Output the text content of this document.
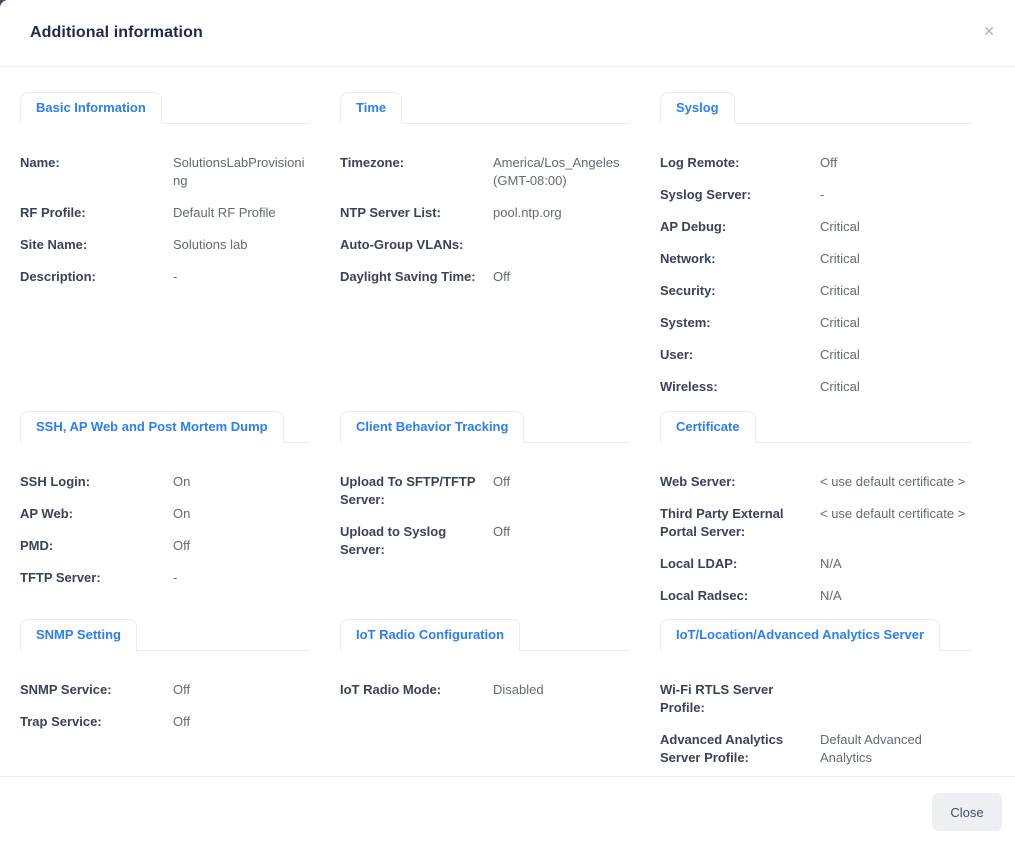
Additional information	✕
Basic Information
Name:	SolutionsLabProvisioning
RF Profile:	Default RF Profile
Site Name:	Solutions lab
Description:	-
Time
Timezone:	America/Los_Angeles (GMT-08:00)
NTP Server List:	pool.ntp.org
Auto-Group VLANs:
Daylight Saving Time:	Off
Syslog
Log Remote:	Off
Syslog Server:	-
AP Debug:	Critical
Network:	Critical
Security:	Critical
System:	Critical
User:	Critical
Wireless:	Critical
SSH, AP Web and Post Mortem Dump
SSH Login:	On
AP Web:	On
PMD:	Off
TFTP Server:	-
Client Behavior Tracking
Upload To SFTP/TFTP Server:
Off
Upload to Syslog Server:
Off
Certificate
Web Server:	< use default certificate >
Third Party External Portal Server:
< use default certificate >
Local LDAP:	N/A
Local Radsec:	N/A
SNMP Setting
SNMP Service:	Off
Trap Service:	Off
IoT Radio Configuration
IoT Radio Mode:	Disabled
IoT/Location/Advanced Analytics Server
Wi-Fi RTLS Server Profile:
Advanced Analytics Server Profile:
Default Advanced Analytics
Close
